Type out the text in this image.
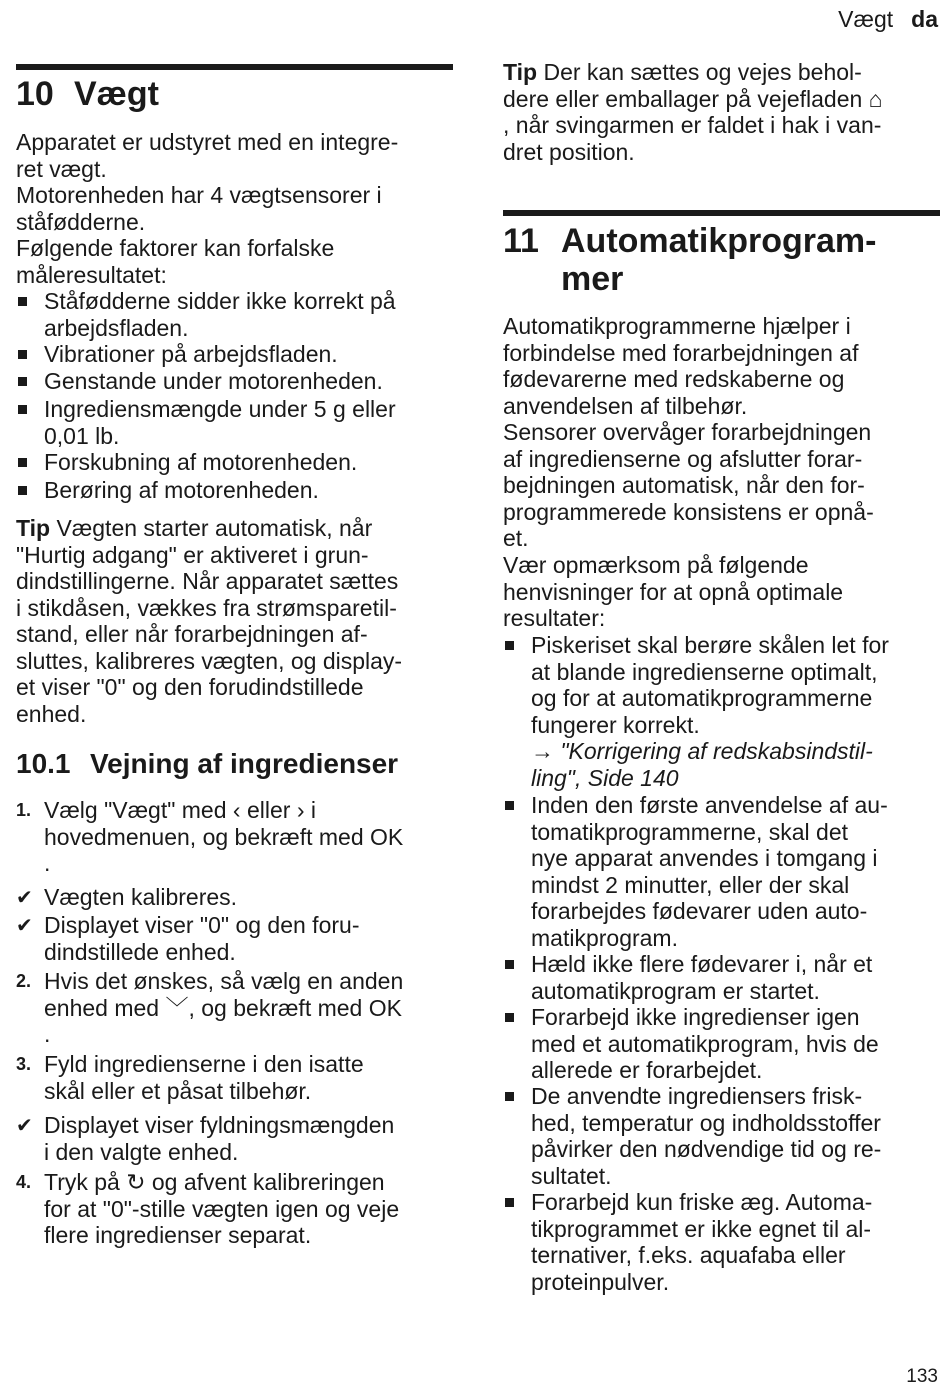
Vægt da
10 Vægt
Apparatet er udstyret med en integre-
ret vægt.
Motorenheden har 4 vægtsensorer i
ståfødderne.
Følgende faktorer kan forfalske
måleresultatet:
Ståfødderne sidder ikke korrekt på
arbejdsfladen.
Vibrationer på arbejdsfladen.
Genstande under motorenheden.
Ingrediensmængde under 5 g eller
0,01 lb.
Forskubning af motorenheden.
Berøring af motorenheden.
Tip Vægten starter automatisk, når
"Hurtig adgang" er aktiveret i grun-
dindstillingerne. Når apparatet sættes
i stikdåsen, vækkes fra strømsparetil-
stand, eller når forarbejdningen af-
sluttes, kalibreres vægten, og display-
et viser "0" og den forudindstillede
enhed.
10.1 Vejning af ingredienser
1. Vælg "Vægt" med ‹ eller › i
hovedmenuen, og bekræft med OK
.
✔ Vægten kalibreres.
✔ Displayet viser "0" og den foru-
dindstillede enhed.
2. Hvis det ønskes, så vælg en anden
enhed med ﹀, og bekræft med OK
.
3. Fyld ingredienserne i den isatte
skål eller et påsat tilbehør.
✔ Displayet viser fyldningsmængden
i den valgte enhed.
4. Tryk på ↻ og afvent kalibreringen
for at "0"-stille vægten igen og veje
flere ingredienser separat.
Tip Der kan sættes og vejes behol-
dere eller emballager på vejefladen ⌂
, når svingarmen er faldet i hak i van-
dret position.
11 Automatikprogram-
mer
Automatikprogrammerne hjælper i
forbindelse med forarbejdningen af
fødevarerne med redskaberne og
anvendelsen af tilbehør.
Sensorer overvåger forarbejdningen
af ingredienserne og afslutter forar-
bejdningen automatisk, når den for-
programmerede konsistens er opnå-
et.
Vær opmærksom på følgende
henvisninger for at opnå optimale
resultater:
Piskeriset skal berøre skålen let for
at blande ingredienserne optimalt,
og for at automatikprogrammerne
fungerer korrekt.
→ "Korrigering af redskabsindstil-
ling", Side 140
Inden den første anvendelse af au-
tomatikprogrammerne, skal det
nye apparat anvendes i tomgang i
mindst 2 minutter, eller der skal
forarbejdes fødevarer uden auto-
matikprogram.
Hæld ikke flere fødevarer i, når et
automatikprogram er startet.
Forarbejd ikke ingredienser igen
med et automatikprogram, hvis de
allerede er forarbejdet.
De anvendte ingrediensers frisk-
hed, temperatur og indholdsstoffer
påvirker den nødvendige tid og re-
sultatet.
Forarbejd kun friske æg. Automa-
tikprogrammet er ikke egnet til al-
ternativer, f.eks. aquafaba eller
proteinpulver.
133
